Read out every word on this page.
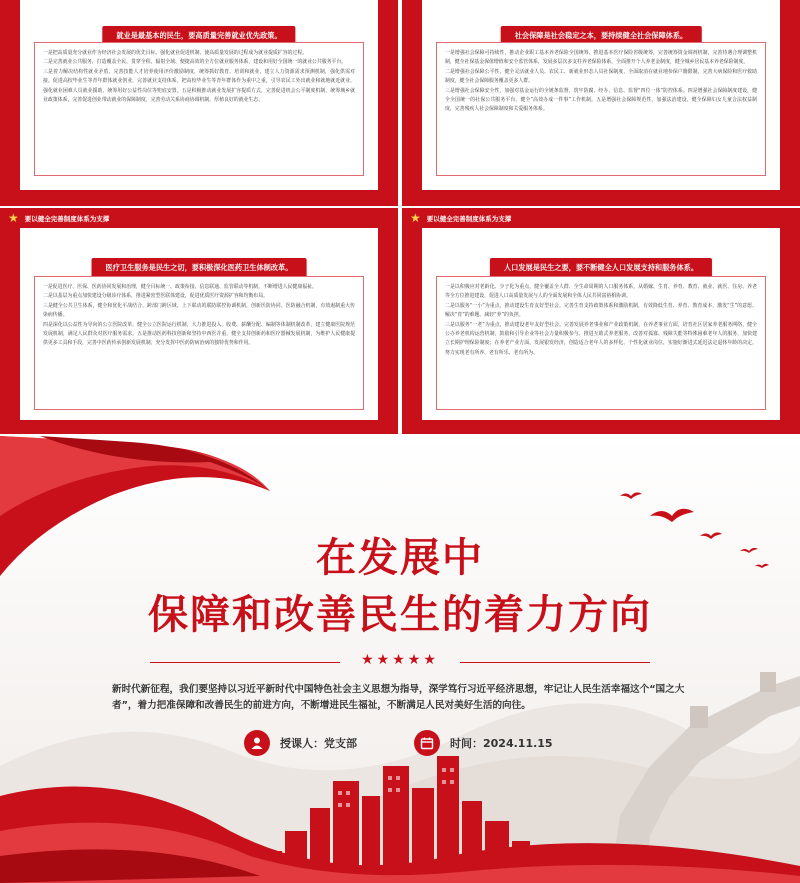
就业是最基本的民生，要高质量完善就业优先政策。

一是把高质量充分就业作为经济社会发展的优先目标，强化就业促进机制，使高质量发展的过程成为就业提质扩容的过程。

二是完善就业公共服务，打造覆盖全民、贯穿全程、辐射全域、便捷高效的全方位就业服务体系，建设和用好全国统一的就业公共服务平台。

三是着力解决结构性就业矛盾，完善技能人才培养使用评价激励制度，统筹抓好教育、培训和就业，建立人力资源需求预测机制，强化供需对接。促进高校毕业生等青年群体就业创业，完善就业支持体系，把高校毕业生等青年群体作为重中之重，引导农民工外出就业和就地就近就业，强化就业困难人员就业援助，统筹用好公益性岗位等兜底安置。五是积极推动就业发展扩容提质方式，完善促进机会公平制度机制，统筹城乡就业政策体系，完善促进创业带动就业的保障制度，完善劳动关系协商协调机制，厚植良好的就业生态。

社会保障是社会稳定之本，要持续健全社会保障体系。

一是增强社会保障可持续性，推动企业职工基本养老保险全国统筹，推进基本医疗保险省级统筹，完善统筹资金调剂机制，完善待遇合理调整机制，健全社保基金保值增值和安全监管体系，发展多层次多支柱养老保险体系，全面推开个人养老金制度，健全城乡居民基本养老保险制度。

二是增强社会保障公平性，健全灵活就业人员、农民工、新就业形态人员社保制度，全面取消在就业地参保户籍限制，完善大病保险和医疗救助制度，健全社会保障服务覆盖更多人群。

三是增强社会保障安全性，加强对基金运行的全链条监督，筑牢防腐、经办、信息、监督“四位一体”防控体系。四是增强社会保障制度建设，健全全国统一的社保公共服务平台，健全“高效办成一件事”工作机制。五是增强社会保障规范性，加强法治建设，健全保障妇女儿童合法权益制度，完善残疾人社会保障制度和关爱服务体系。

★ 要以健全完善制度体系为支撑
医疗卫生服务是民生之切，要积极深化医药卫生体制改革。

一是促进医疗、医保、医药协同发展和治理，健全目标统一、政策衔接、信息联通、监管联动等机制，不断增进人民健康福祉。

二是以基层为重点加快建设分级诊疗体系，推进紧密型医联体建设，促进优质医疗资源扩容和均衡布局。

三是健全公共卫生体系，健全和优化平战结合、跨部门跨区域、上下联动的联防联控协调机制，创新医防协同、医防融合机制，有效遏制重大传染病传播。

四是深化以公益性为导向的公立医院改革，健全公立医院运行机制，大力推进投入、收费、薪酬分配、编制等体制机制改革，建立健康医院规范发展机制，满足人民群众对医疗服务需求。五是推动医药科技创新和坚持中西医并重，健全支持创新药和医疗器械发展机制，为维护人民健康提供更多工具和手段，完善中医药传承创新发展机制，充分发挥中医药防病治病的独特优势和作用。

★ 要以健全完善制度体系为支撑
人口发展是民生之要，要不断健全人口发展支持和服务体系。

一是以积极应对老龄化、少子化为重点，健全覆盖全人群、全生命周期的人口服务体系，从婚嫁、生育、养育、教育、就业、就医、住房、养老等全方位推进建设，促进人口高质量发展与人的全面发展和全体人民共同富裕相协调。

二是以服务“一小”为重点，推动建设生育友好型社会。完善生育支持政策体系和激励机制，有效降低生育、养育、教育成本，激发“生”的意愿、解决“育”的难题、减轻“养”的负担。

三是以服务“一老”为重点，推动建设老年友好型社会。完善发展养老事业和产业政策机制，在养老事业方面，培育社区居家养老服务网络，健全公办养老机构运营机制，鼓励和引导企业等社会力量积极参与，推进互助式养老服务，改善对孤寡、残障失能等特殊困难老年人的服务，加快建立长期护理保险制度；在养老产业方面，发展银发经济，创造适合老年人的多样化、个性化就业岗位，实施好渐进式延迟法定退休年龄的决定，努力实现老有所养、老有所乐、老有所为。

在发展中
保障和改善民生的着力方向
★★★★★
新时代新征程，我们要坚持以习近平新时代中国特色社会主义思想为指导，深学笃行习近平经济思想，牢记让人民生活幸福这个“国之大者”，着力把准保障和改善民生的前进方向，不断增进民生福祉，不断满足人民对美好生活的向往。
授课人：党支部	时间：2024.11.15
